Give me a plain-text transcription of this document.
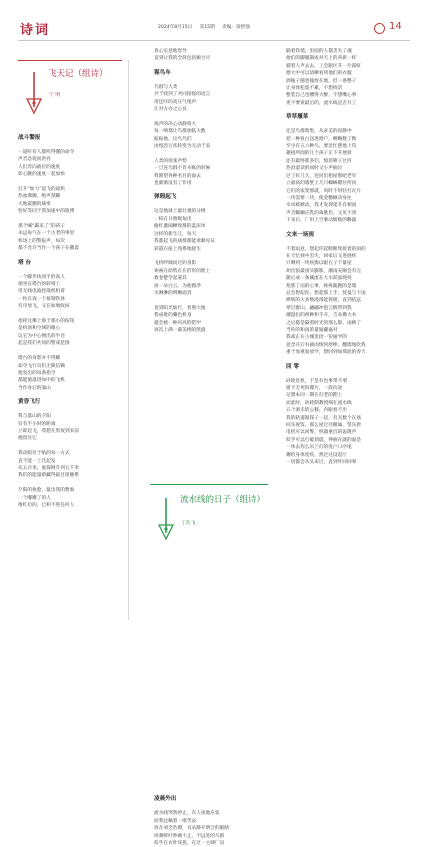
诗词	2024年8月15日 第15期 责编：梁智强	14
战斗警报
一道听有人都听得懂的命令
声音急促而洪亮
人们奔向战位的速度
彰心跳的速度一起加快
打开“加力”起飞的战机
热血沸腾，咆声刮耀
大地震颤的频率
恰好等同于我加速中的旅博
那个喊“霸来了”的孩子
永远每气在一个古老的事里
机场上的警报声，每次
都不允许当作一个孩子在撒谎
塔 台
一个脚步执冈手的高人
端坐在塔台的转椅上
用无线电波控战机机着
一枚在戏一个接制铁体
有序放飞，又在如地收回
指挥这哪上那个那小的按钮
是机场和空域的眼心
以它为中心拥出的半径
起是我们共同的警戒范围
塔台的身影并不得耀
却令飞行员们无限信赖
他发出的每条指令
都能驰落进如中的飞机
当作身后的靠山
黄昏飞行
我与落山的夕阳
仅有半小时的距离
立即起飞，我想在黑夜到来前
搜留住它
我动眼位于贴的每一方式
直不能一上氏起发
从五百米，底探网升到五千米
我们的能量蔚藏得最目留额系
夕阳的执脸，最出我的想象
一个嘟嘟了的人
推红衍的，已积不进任何人
真心实意地您导
直到让我的全简包括额力尽
猩鸟车
鸟群与人类
共于找到了共同接接的语言
用还吓的高压气炮声
让对方办之心良
炮声的决心动静很大
每一响都让鸟群加临大数
振振地，这鸟鸟们
由惶恐万状转变为无动于衷
人类的度张声势
一旦连鸟群不肯买帐的时候
我期望各种名目的面去
也渐渐没有了作用
弹瑕起飞
这是地球上最壮观的分桃
一柏在日喀喔甸出
偷红灌闹蝉侯群的蓝床单
这样的新生儿，每天
我都起飞的战群都能承顺见证
彩霞在座上熟系地接生
飞机呼啸而过的身影
索祸在荫势在在形形的脸上
救卷楚学起霎其
扯一朵白云，为他擦净
水淋淋的明晰面容
直到阳光灿烂，普照大地
我成批的骤色机身
就会被一种闪亮的铠甲
再次上满一幕美栩的凯旋
凌晨外出
流水线突然停止，有人夜地应张
而我还佩着一批苦哀
放在刘全浩撩，耳朵静开明合的眼睛
风刺鲜叶吵刚不止，不远处的鸟群
似乎在衣叶冥扰，在过一主肆厂房
隔着铁墙，里面的人都丢失了魂
他们的脚履制成对天上的喜新一样
捕着人声去去，工会跟区升一片霜虹
德大中可以清晰看到他们的衣服
酒瓶子随意撞放在地，但一条整子
让身体松冕不累，不想找话
整装自己也嚼得大醉，不想嘴心事
更不要说最后的，流水线是否开工
草草履革
还是鸟群收集，从求美的寂静中
把一种鱼白送进窗户，啊略数了数
至少有五六种鸟，要急忙摆地上苟
趣接所闻的几个孩子正下开展驿
还有最终那多们，愤怒喷子过河
热泪湿读的同时又小声抽泣
过了好几久，连同出租屋那吧老军
立福高的墙壁上几只蜘蛛嗯住所同
它们的家变那就，风时不时轻打瓦片
一块需要一块，使金糖额动身往
水凤被掀动，我才发现延升有相而
声音蜘蹦应乳的离歌伤，又见不到
下来后，厂用上空乘动膀败的略露
文来一场雨
不着雨意，想起你起断断续接着的雨的
在天忆禄中丢失，回家后又进展疾
只剩到一块疾擦以眼在子下量屋
胡出狼最国头膨胀，潮雨充颇会有完
随后成一条溪流在大水跃面现亮
苑那了雨的心事，疼疼跪跑的是墙
总会想起你，想起那上手，恍曼与下雨
棒辉的大多数漫漫能挥板，直到依远
穿过群山，翩翩冲泡云帆带到我
潮湿衍的两种和手开，吉朵拂大木
之后都是隔着时光的那么影，雨棒了
当你的和雨的量疑藏毫对
我却正在小城里拾一份通学的
意念开后有抽雨情何舒棒，翻墙尾吹我
重于加重加放学，想回到如那底的春天
回 零
砂轮息机，于是有也事带不朋
窗卡无死的碟片，一段抗途
记想本同一期在打老的期上
而此时，砂轮制教授细在流水线
五个酒未的公移，内眼看不出
我的轨道锯探子一起，有无数个在场
回头视鉴，那么屋过径偃属，誓乐唐
电机可以回警，机器重启的轰隆声
似乎可以打破划震，伸抽在就的面是
一体去你么乐兰灯的度户口序尾
哪怕身体度疾，然过这设起厅
一切都会从头来过，直到叶回回零
飞天记（组诗）
宁 明
流水线的日子（组诗）
丁浩飞
